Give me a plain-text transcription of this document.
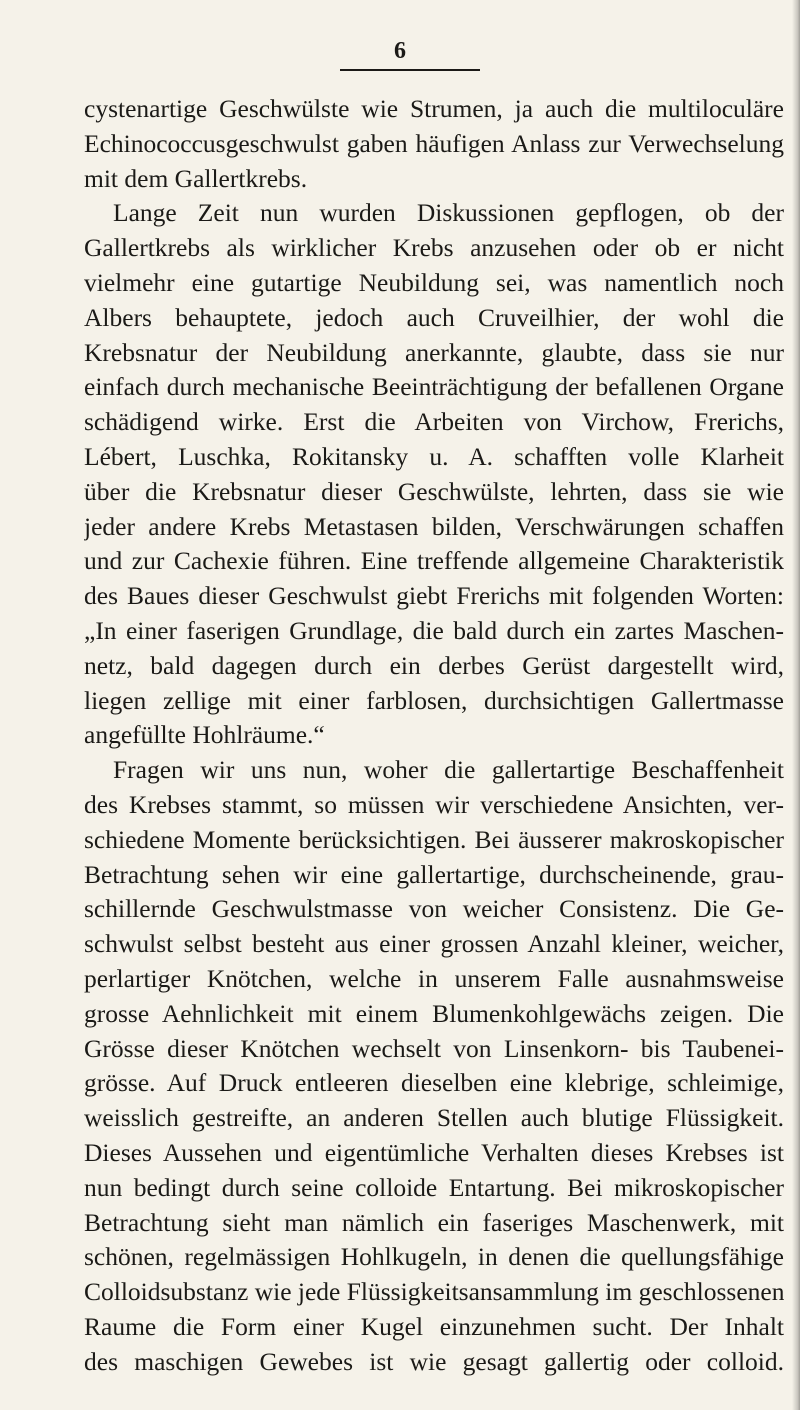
6
cystenartige Geschwülste wie Strumen, ja auch die multiloculäre
Echinococcusgeschwulst gaben häufigen Anlass zur Verwechselung
mit dem Gallertkrebs.
Lange Zeit nun wurden Diskussionen gepflogen, ob der
Gallertkrebs als wirklicher Krebs anzusehen oder ob er nicht
vielmehr eine gutartige Neubildung sei, was namentlich noch
Albers behauptete, jedoch auch Cruveilhier, der wohl die
Krebsnatur der Neubildung anerkannte, glaubte, dass sie nur
einfach durch mechanische Beeinträchtigung der befallenen Organe
schädigend wirke. Erst die Arbeiten von Virchow, Frerichs,
Lébert, Luschka, Rokitansky u. A. schafften volle Klarheit
über die Krebsnatur dieser Geschwülste, lehrten, dass sie wie
jeder andere Krebs Metastasen bilden, Verschwärungen schaffen
und zur Cachexie führen. Eine treffende allgemeine Charakteristik
des Baues dieser Geschwulst giebt Frerichs mit folgenden Worten:
„In einer faserigen Grundlage, die bald durch ein zartes Maschen-
netz, bald dagegen durch ein derbes Gerüst dargestellt wird,
liegen zellige mit einer farblosen, durchsichtigen Gallertmasse
angefüllte Hohlräume.“
Fragen wir uns nun, woher die gallertartige Beschaffenheit
des Krebses stammt, so müssen wir verschiedene Ansichten, ver-
schiedene Momente berücksichtigen. Bei äusserer makroskopischer
Betrachtung sehen wir eine gallertartige, durchscheinende, grau-
schillernde Geschwulstmasse von weicher Consistenz. Die Ge-
schwulst selbst besteht aus einer grossen Anzahl kleiner, weicher,
perlartiger Knötchen, welche in unserem Falle ausnahmsweise
grosse Aehnlichkeit mit einem Blumenkohlgewächs zeigen. Die
Grösse dieser Knötchen wechselt von Linsenkorn- bis Taubenei-
grösse. Auf Druck entleeren dieselben eine klebrige, schleimige,
weisslich gestreifte, an anderen Stellen auch blutige Flüssigkeit.
Dieses Aussehen und eigentümliche Verhalten dieses Krebses ist
nun bedingt durch seine colloide Entartung. Bei mikroskopischer
Betrachtung sieht man nämlich ein faseriges Maschenwerk, mit
schönen, regelmässigen Hohlkugeln, in denen die quellungsfähige
Colloidsubstanz wie jede Flüssigkeitsansammlung im geschlossenen
Raume die Form einer Kugel einzunehmen sucht. Der Inhalt
des maschigen Gewebes ist wie gesagt gallertig oder colloid.
